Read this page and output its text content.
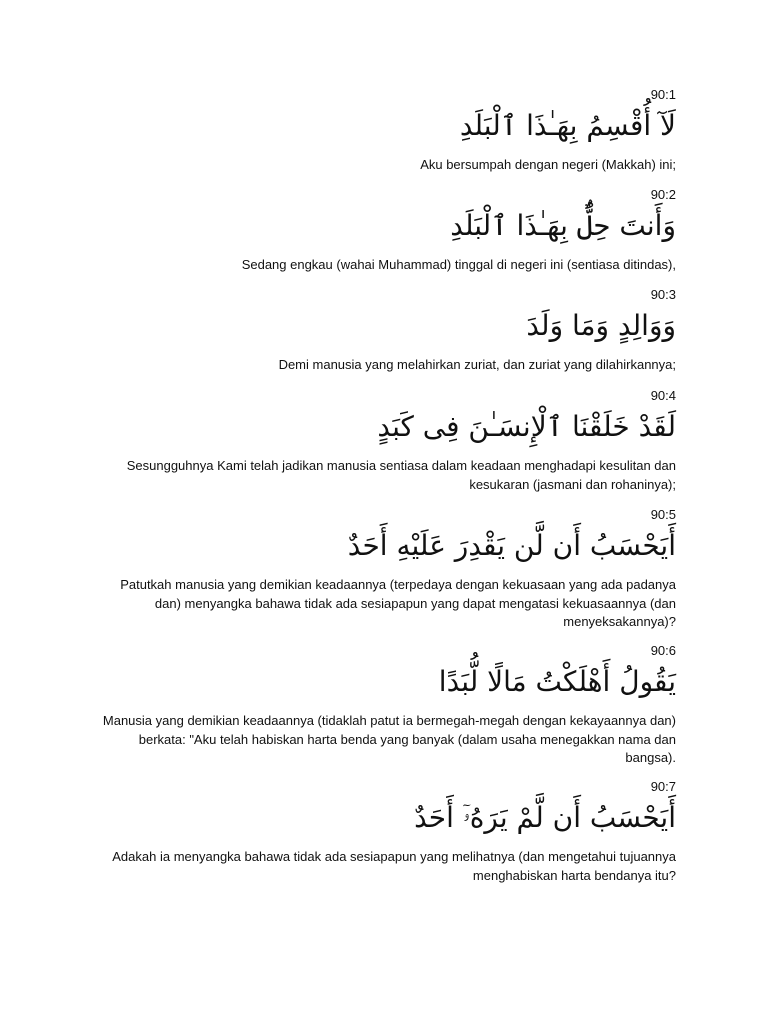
90:1
لَآ أُقْسِمُ بِهَـٰذَا ٱلْبَلَدِ
Aku bersumpah dengan negeri (Makkah) ini;
90:2
وَأَنتَ حِلٌّۢ بِهَـٰذَا ٱلْبَلَدِ
Sedang engkau (wahai Muhammad) tinggal di negeri ini (sentiasa ditindas),
90:3
وَوَالِدٍ وَمَا وَلَدَ
Demi manusia yang melahirkan zuriat, dan zuriat yang dilahirkannya;
90:4
لَقَدْ خَلَقْنَا ٱلْإِنسَـٰنَ فِى كَبَدٍ
Sesungguhnya Kami telah jadikan manusia sentiasa dalam keadaan menghadapi kesulitan dan kesukaran (jasmani dan rohaninya);
90:5
أَيَحْسَبُ أَن لَّن يَقْدِرَ عَلَيْهِ أَحَدٌ
Patutkah manusia yang demikian keadaannya (terpedaya dengan kekuasaan yang ada padanya dan) menyangka bahawa tidak ada sesiapapun yang dapat mengatasi kekuasaannya (dan menyeksakannya)?
90:6
يَقُولُ أَهْلَكْتُ مَالًا لُّبَدًا
Manusia yang demikian keadaannya (tidaklah patut ia bermegah-megah dengan kekayaannya dan) berkata: "Aku telah habiskan harta benda yang banyak (dalam usaha menegakkan nama dan bangsa).
90:7
أَيَحْسَبُ أَن لَّمْ يَرَهُۥٓ أَحَدٌ
Adakah ia menyangka bahawa tidak ada sesiapapun yang melihatnya (dan mengetahui tujuannya menghabiskan harta bendanya itu?
